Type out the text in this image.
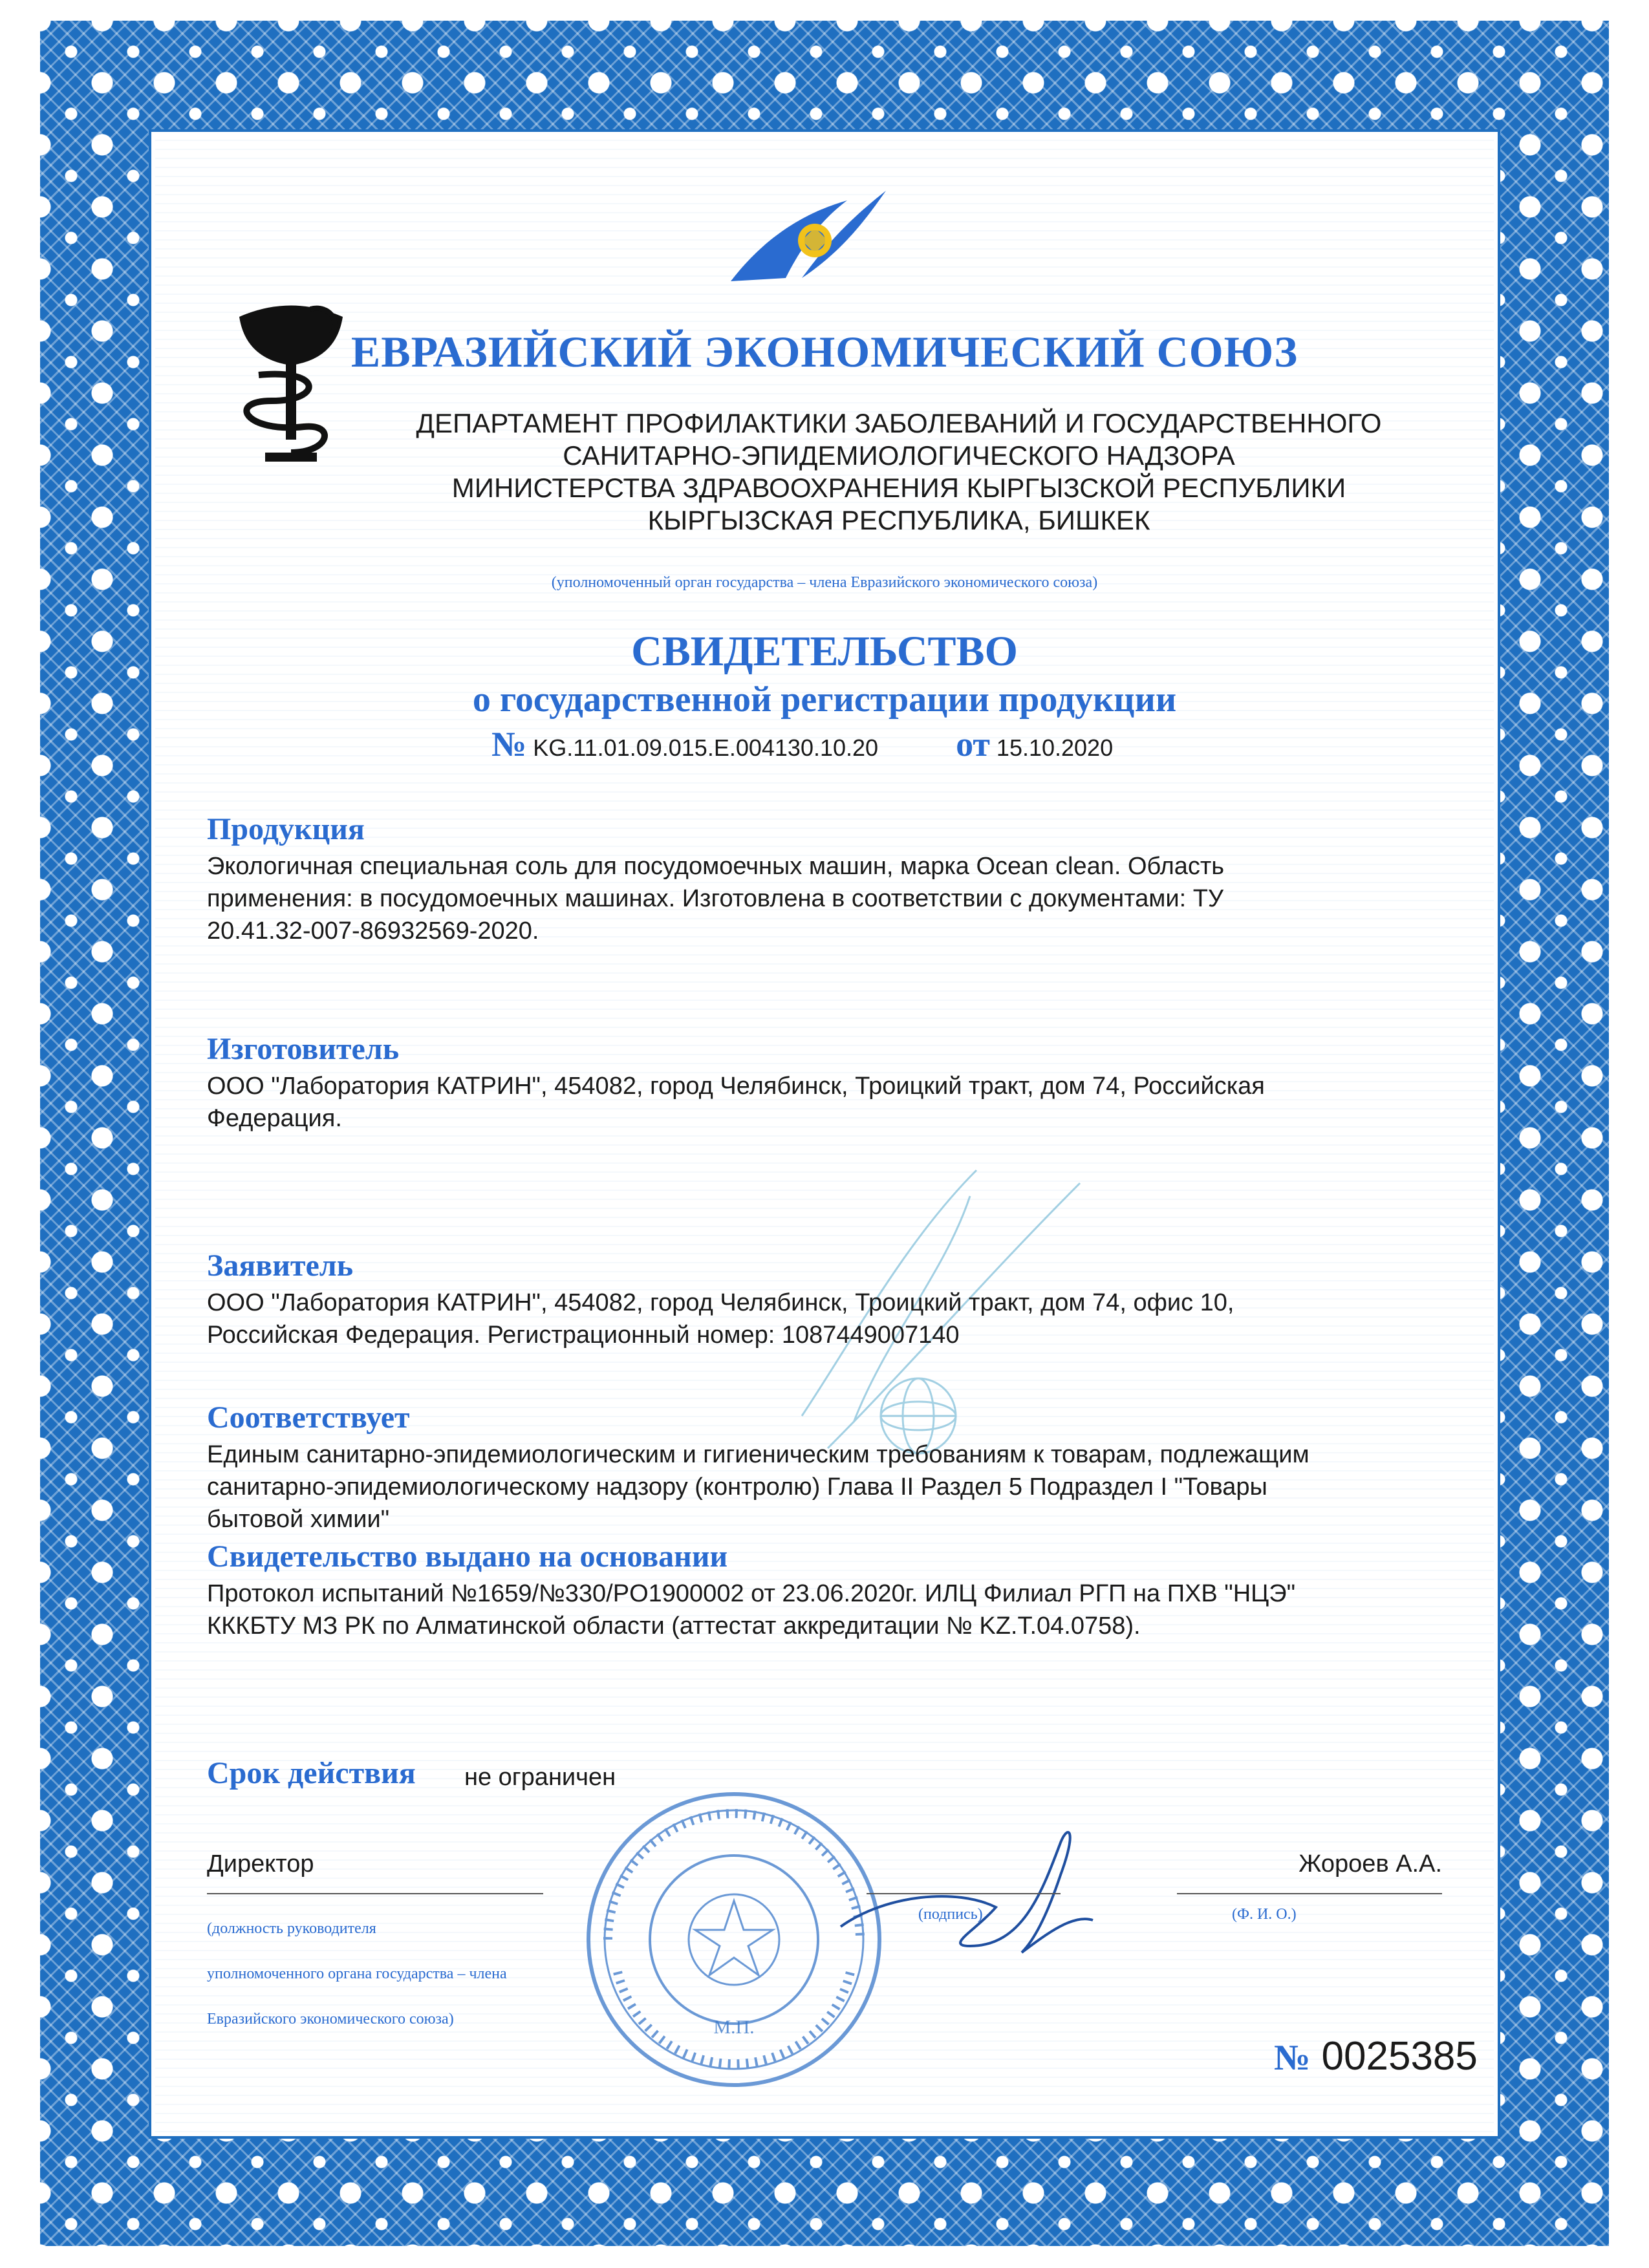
ЕВРАЗИЙСКИЙ ЭКОНОМИЧЕСКИЙ СОЮЗ
ДЕПАРТАМЕНТ ПРОФИЛАКТИКИ ЗАБОЛЕВАНИЙ И ГОСУДАРСТВЕННОГО
САНИТАРНО-ЭПИДЕМИОЛОГИЧЕСКОГО НАДЗОРА
МИНИСТЕРСТВА ЗДРАВООХРАНЕНИЯ КЫРГЫЗСКОЙ РЕСПУБЛИКИ
КЫРГЫЗСКАЯ РЕСПУБЛИКА, БИШКЕК
(уполномоченный орган государства – члена Евразийского экономического союза)
СВИДЕТЕЛЬСТВО
о государственной регистрации продукции
№ KG.11.01.09.015.E.004130.10.20 от 15.10.2020
Продукция
Экологичная специальная соль для посудомоечных машин, марка Ocean clean. Область
применения: в посудомоечных машинах. Изготовлена в соответствии с документами: ТУ
20.41.32-007-86932569-2020.
Изготовитель
ООО "Лаборатория КАТРИН", 454082, город Челябинск, Троицкий тракт, дом 74, Российская
Федерация.
Заявитель
ООО "Лаборатория КАТРИН", 454082, город Челябинск, Троицкий тракт, дом 74, офис 10,
Российская Федерация. Регистрационный номер: 1087449007140
Соответствует
Единым санитарно-эпидемиологическим и гигиеническим требованиям к товарам, подлежащим
санитарно-эпидемиологическому надзору (контролю) Глава II Раздел 5 Подраздел I "Товары
бытовой химии"
Свидетельство выдано на основании
Протокол испытаний №1659/№330/PO1900002 от 23.06.2020г. ИЛЦ Филиал РГП на ПХВ "НЦЭ"
КККБТУ МЗ РК по Алматинской области (аттестат аккредитации № KZ.T.04.0758).
Срок действия не ограничен
М.П.
Директор
(должность руководителя
уполномоченного органа государства – члена
Евразийского экономического союза)
(подпись)
Жороев А.А.
(Ф. И. О.)
№ 0025385
